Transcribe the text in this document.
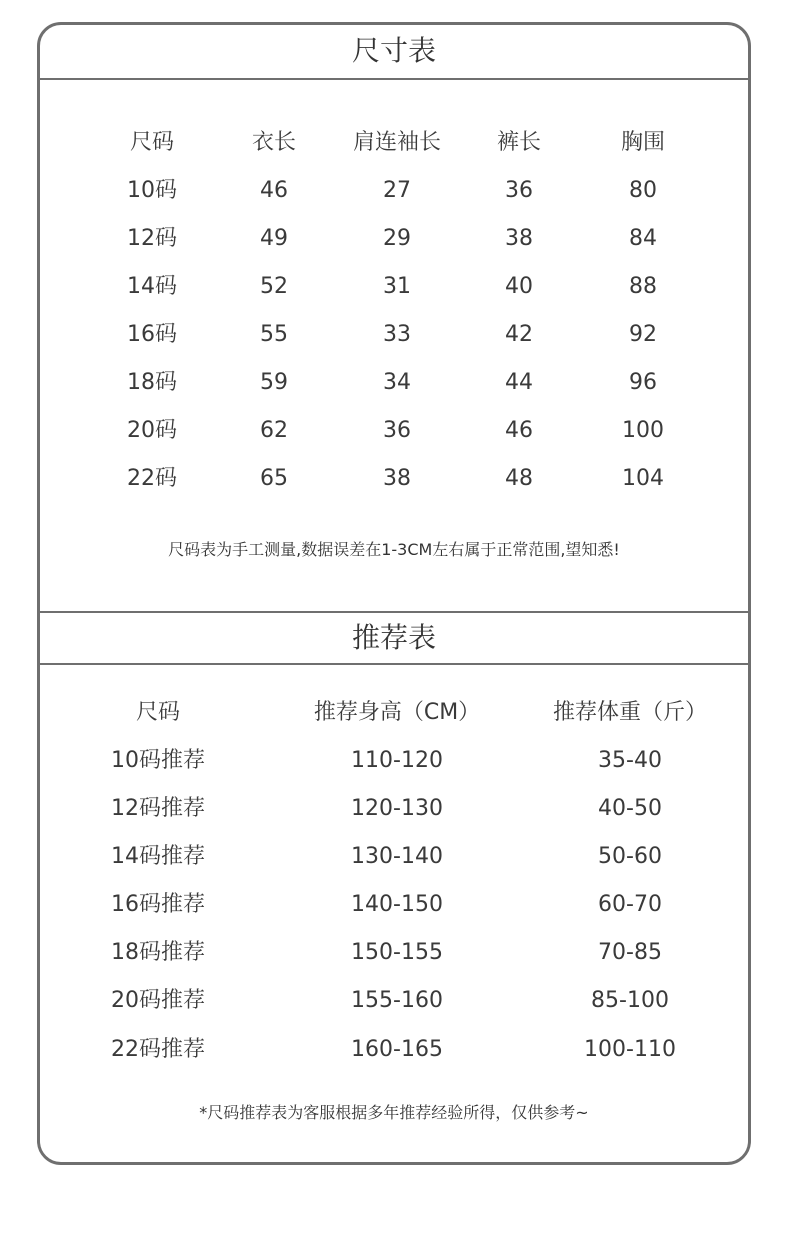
尺寸表
尺码	衣长	肩连袖长	裤长	胸围
10码	46	27	36	80
12码	49	29	38	84
14码	52	31	40	88
16码	55	33	42	92
18码	59	34	44	96
20码	62	36	46	100
22码	65	38	48	104
尺码表为手工测量,数据误差在1-3CM左右属于正常范围,望知悉!
推荐表
尺码	推荐身高（CM）	推荐体重（斤）
10码推荐	110-120	35-40
12码推荐	120-130	40-50
14码推荐	130-140	50-60
16码推荐	140-150	60-70
18码推荐	150-155	70-85
20码推荐	155-160	85-100
22码推荐	160-165	100-110
*尺码推荐表为客服根据多年推荐经验所得，仅供参考~
